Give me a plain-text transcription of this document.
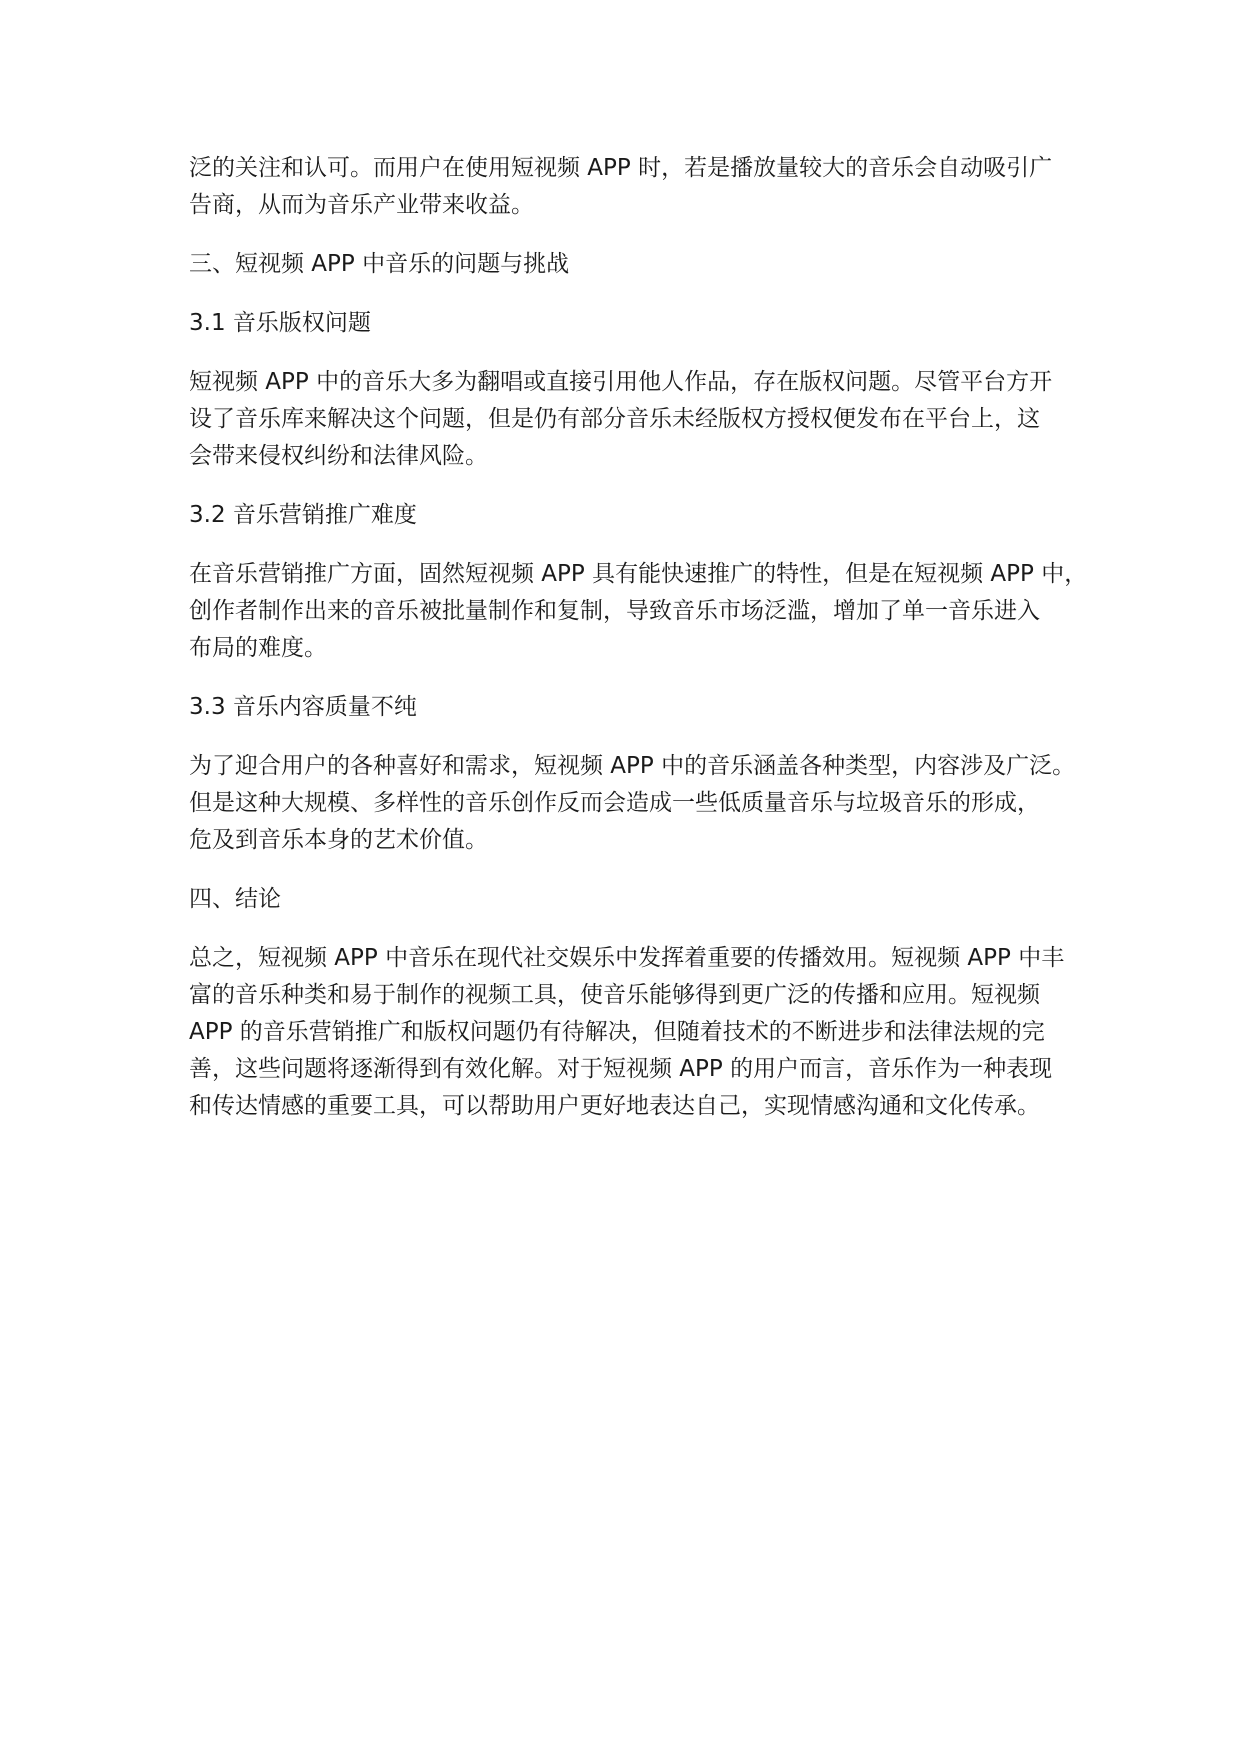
泛的关注和认可。而用户在使用短视频 APP 时，若是播放量较大的音乐会自动吸引广
告商，从而为音乐产业带来收益。
三、短视频 APP 中音乐的问题与挑战
3.1 音乐版权问题
短视频 APP 中的音乐大多为翻唱或直接引用他人作品，存在版权问题。尽管平台方开
设了音乐库来解决这个问题，但是仍有部分音乐未经版权方授权便发布在平台上，这
会带来侵权纠纷和法律风险。
3.2 音乐营销推广难度
在音乐营销推广方面，固然短视频 APP 具有能快速推广的特性，但是在短视频 APP 中，
创作者制作出来的音乐被批量制作和复制，导致音乐市场泛滥，增加了单一音乐进入
布局的难度。
3.3 音乐内容质量不纯
为了迎合用户的各种喜好和需求，短视频 APP 中的音乐涵盖各种类型，内容涉及广泛。
但是这种大规模、多样性的音乐创作反而会造成一些低质量音乐与垃圾音乐的形成，
危及到音乐本身的艺术价值。
四、结论
总之，短视频 APP 中音乐在现代社交娱乐中发挥着重要的传播效用。短视频 APP 中丰
富的音乐种类和易于制作的视频工具，使音乐能够得到更广泛的传播和应用。短视频
APP 的音乐营销推广和版权问题仍有待解决，但随着技术的不断进步和法律法规的完
善，这些问题将逐渐得到有效化解。对于短视频 APP 的用户而言，音乐作为一种表现
和传达情感的重要工具，可以帮助用户更好地表达自己，实现情感沟通和文化传承。
